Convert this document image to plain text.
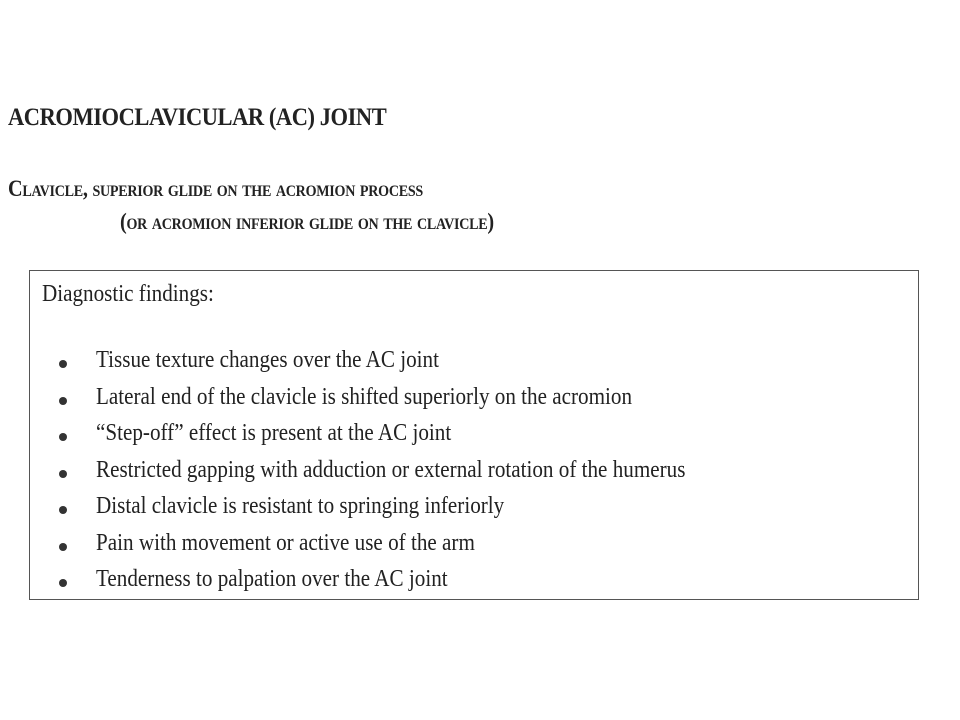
ACROMIOCLAVICULAR (AC) JOINT
Clavicle, superior glide on the acromion process
(or acromion inferior glide on the clavicle)
Diagnostic findings:
Tissue texture changes over the AC joint
Lateral end of the clavicle is shifted superiorly on the acromion
“Step-off” effect is present at the AC joint
Restricted gapping with adduction or external rotation of the humerus
Distal clavicle is resistant to springing inferiorly
Pain with movement or active use of the arm
Tenderness to palpation over the AC joint
